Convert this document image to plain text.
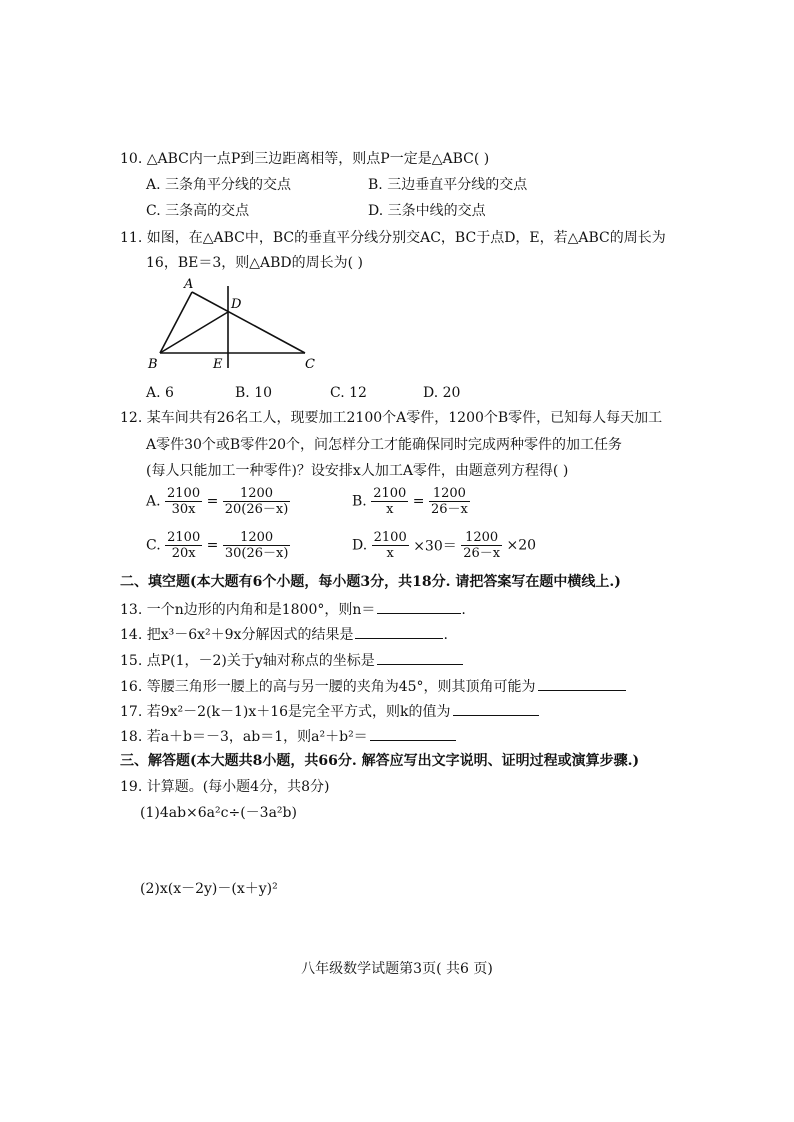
10. △ABC内一点P到三边距离相等，则点P一定是△ABC( )
A. 三条角平分线的交点	B. 三边垂直平分线的交点
C. 三条高的交点	D. 三条中线的交点
11. 如图，在△ABC中，BC的垂直平分线分别交AC，BC于点D，E，若△ABC的周长为
16，BE＝3，则△ABD的周长为( )
A
B	C
D
E
A. 6	B. 10	C. 12	D. 20
12. 某车间共有26名工人，现要加工2100个A零件，1200个B零件，已知每人每天加工
A零件30个或B零件20个，问怎样分工才能确保同时完成两种零件的加工任务
(每人只能加工一种零件)？设安排x人加工A零件，由题意列方程得( )
A. $\frac{2100}{30x} = \frac{1200}{20(26-x)}$	B. $\frac{2100}{x} = \frac{1200}{26-x}$
C. $\frac{2100}{20x} = \frac{1200}{30(26-x)}$	D. $\frac{2100}{x} \times 30= \frac{1200}{26-x} \times 20$
二、填空题(本大题有6个小题，每小题3分，共18分. 请把答案写在题中横线上.)
13. 一个n边形的内角和是1800°，则n＝	.
14. 把x³－6x²＋9x分解因式的结果是	.
15. 点P(1，－2)关于y轴对称点的坐标是
16. 等腰三角形一腰上的高与另一腰的夹角为45°，则其顶角可能为
17. 若9x²－2(k－1)x＋16是完全平方式，则k的值为
18. 若a＋b＝－3，ab＝1，则a²＋b²＝
三、解答题(本大题共8小题，共66分. 解答应写出文字说明、证明过程或演算步骤.)
19. 计算题。(每小题4分，共8分)
(1)4ab×6a²c÷(－3a²b)
(2)x(x－2y)－(x＋y)²
八年级数学试题第3页( 共6 页)
